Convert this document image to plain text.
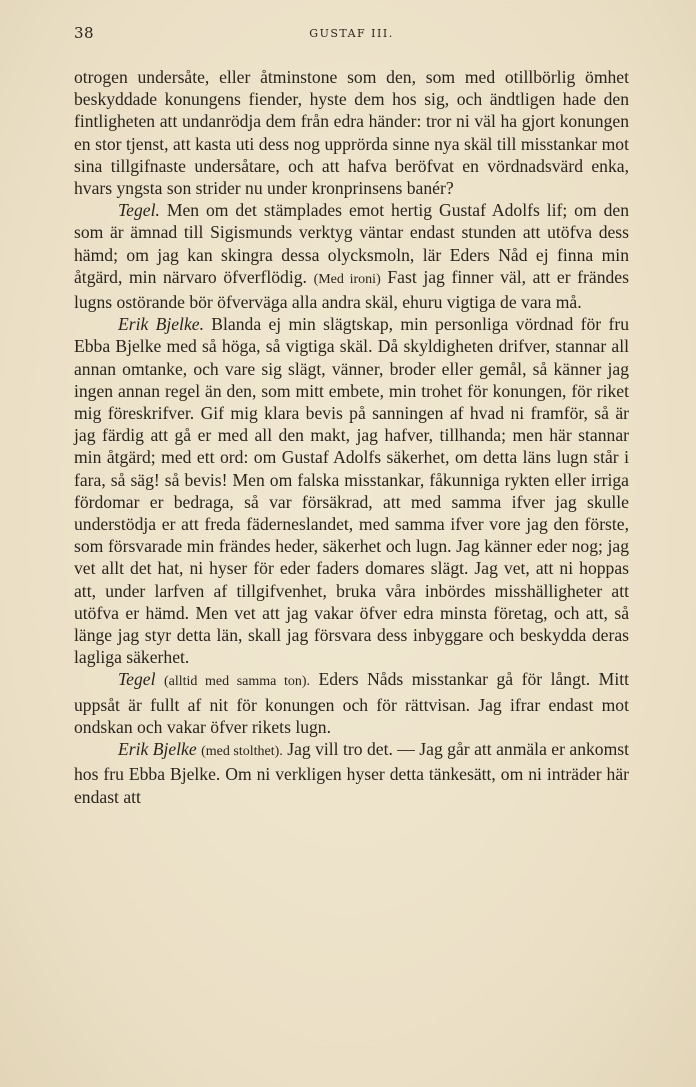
38	GUSTAF III.

otrogen undersåte, eller åtminstone som den, som med otillbörlig ömhet beskyddade konungens fiender, hyste dem hos sig, och ändtligen hade den fintligheten att undanrödja dem från edra händer: tror ni väl ha gjort konungen en stor tjenst, att kasta uti dess nog upprörda sinne nya skäl till misstankar mot sina tillgifnaste undersåtare, och att hafva beröfvat en vördnadsvärd enka, hvars yngsta son strider nu under kronprinsens banér?

Tegel. Men om det stämplades emot hertig Gustaf Adolfs lif; om den som är ämnad till Sigismunds verktyg väntar endast stunden att utöfva dess hämd; om jag kan skingra dessa olycksmoln, lär Eders Nåd ej finna min åtgärd, min närvaro öfverflödig. (Med ironi) Fast jag finner väl, att er frändes lugns ostörande bör öfverväga alla andra skäl, ehuru vigtiga de vara må.

Erik Bjelke. Blanda ej min slägtskap, min personliga vördnad för fru Ebba Bjelke med så höga, så vigtiga skäl. Då skyldigheten drifver, stannar all annan omtanke, och vare sig slägt, vänner, broder eller gemål, så känner jag ingen annan regel än den, som mitt embete, min trohet för konungen, för riket mig föreskrifver. Gif mig klara bevis på sanningen af hvad ni framför, så är jag färdig att gå er med all den makt, jag hafver, tillhanda; men här stannar min åtgärd; med ett ord: om Gustaf Adolfs säkerhet, om detta läns lugn står i fara, så säg! så bevis! Men om falska misstankar, fåkunniga rykten eller irriga fördomar er bedraga, så var försäkrad, att med samma ifver jag skulle understödja er att freda fäderneslandet, med samma ifver vore jag den förste, som försvarade min frändes heder, säkerhet och lugn. Jag känner eder nog; jag vet allt det hat, ni hyser för eder faders domares slägt. Jag vet, att ni hoppas att, under larfven af tillgifvenhet, bruka våra inbördes misshälligheter att utöfva er hämd. Men vet att jag vakar öfver edra minsta företag, och att, så länge jag styr detta län, skall jag försvara dess inbyggare och beskydda deras lagliga säkerhet.

Tegel (alltid med samma ton). Eders Nåds misstankar gå för långt. Mitt uppsåt är fullt af nit för konungen och för rättvisan. Jag ifrar endast mot ondskan och vakar öfver rikets lugn.

Erik Bjelke (med stolthet). Jag vill tro det. — Jag går att anmäla er ankomst hos fru Ebba Bjelke. Om ni verkligen hyser detta tänkesätt, om ni inträder här endast att
